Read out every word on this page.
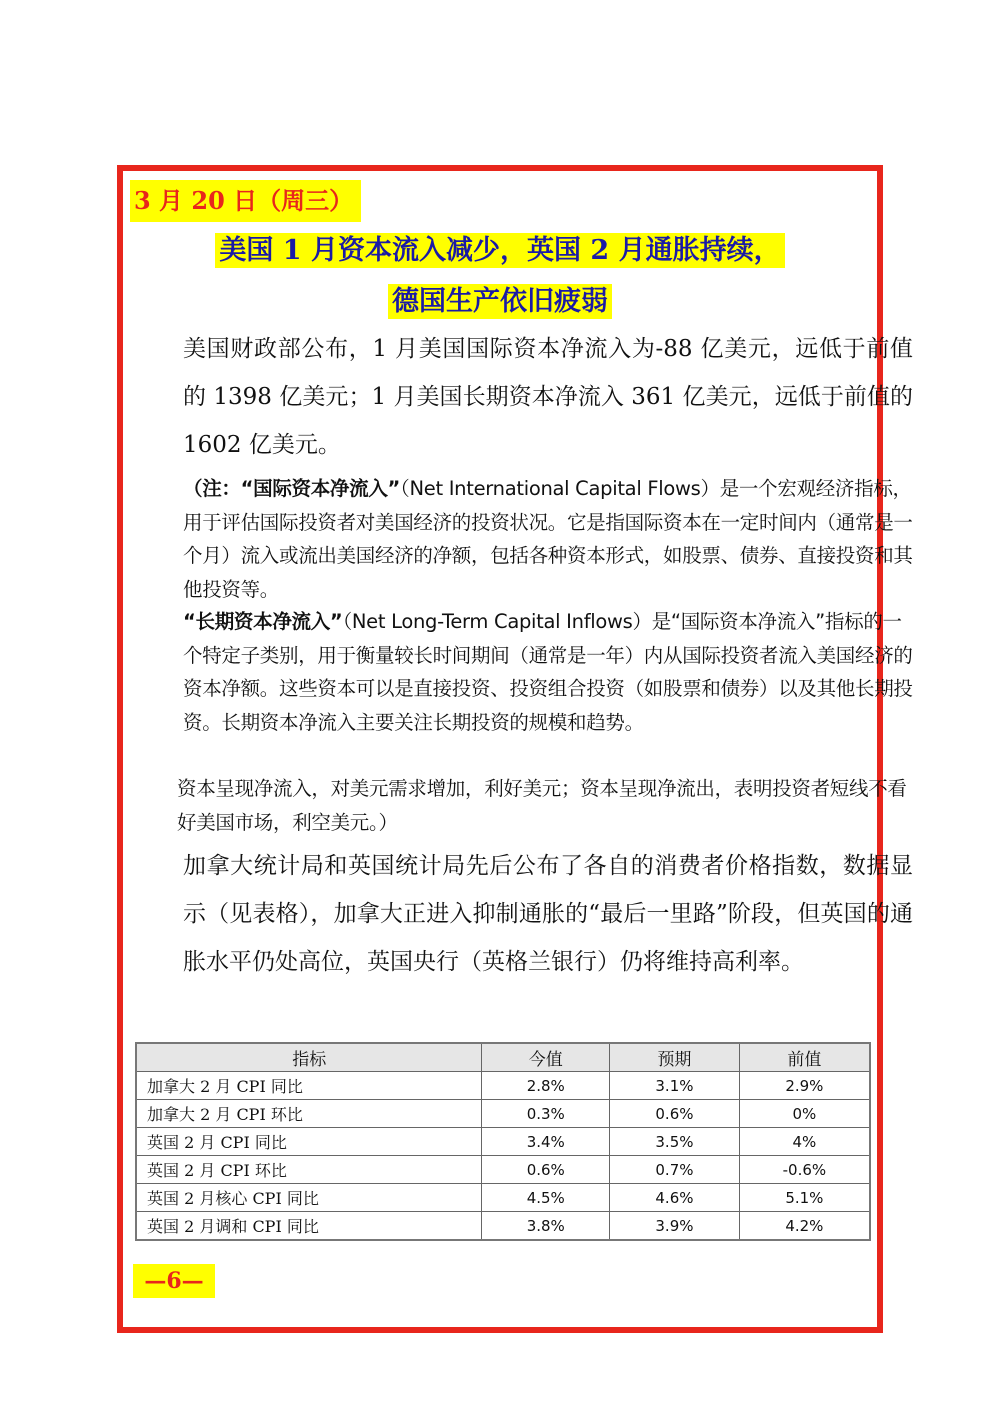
3 月 20 日（周三）
美国 1 月资本流入减少，英国 2 月通胀持续，
德国生产依旧疲弱
美国财政部公布，1 月美国国际资本净流入为-88 亿美元，远低于前值的 1398 亿美元；1 月美国长期资本净流入 361 亿美元，远低于前值的 1602 亿美元。
（注：“国际资本净流入”（Net International Capital Flows）是一个宏观经济指标，用于评估国际投资者对美国经济的投资状况。它是指国际资本在一定时间内（通常是一个月）流入或流出美国经济的净额，包括各种资本形式，如股票、债券、直接投资和其他投资等。
“长期资本净流入”（Net Long-Term Capital Inflows）是“国际资本净流入”指标的一个特定子类别，用于衡量较长时间期间（通常是一年）内从国际投资者流入美国经济的资本净额。这些资本可以是直接投资、投资组合投资（如股票和债券）以及其他长期投资。长期资本净流入主要关注长期投资的规模和趋势。
资本呈现净流入，对美元需求增加，利好美元；资本呈现净流出，表明投资者短线不看好美国市场，利空美元。）
加拿大统计局和英国统计局先后公布了各自的消费者价格指数，数据显示（见表格），加拿大正进入抑制通胀的“最后一里路”阶段，但英国的通胀水平仍处高位，英国央行（英格兰银行）仍将维持高利率。
指标	今值	预期	前值
加拿大 2 月 CPI 同比	2.8%	3.1%	2.9%
加拿大 2 月 CPI 环比	0.3%	0.6%	0%
英国 2 月 CPI 同比	3.4%	3.5%	4%
英国 2 月 CPI 环比	0.6%	0.7%	-0.6%
英国 2 月核心 CPI 同比	4.5%	4.6%	5.1%
英国 2 月调和 CPI 同比	3.8%	3.9%	4.2%
—6—
